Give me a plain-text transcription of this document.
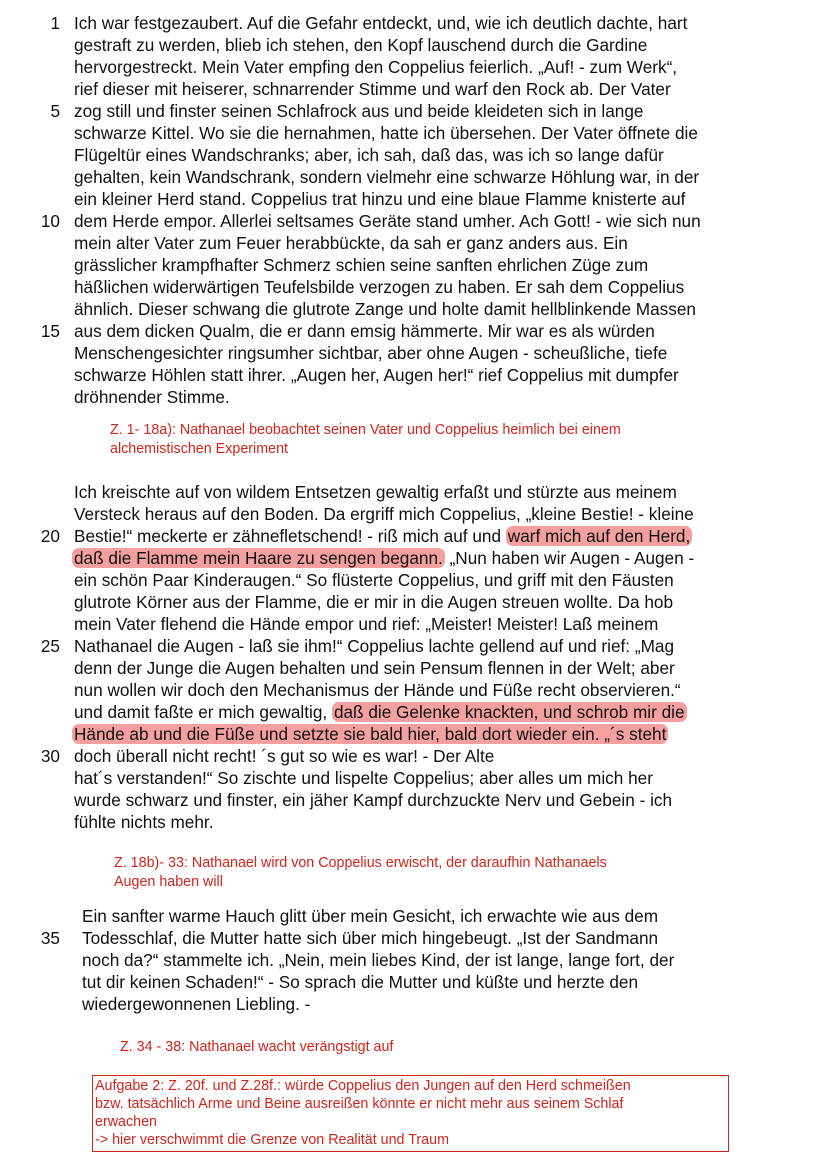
1
5
10
15
20
25
30
35
Ich war festgezaubert. Auf die Gefahr entdeckt, und, wie ich deutlich dachte, hart
gestraft zu werden, blieb ich stehen, den Kopf lauschend durch die Gardine
hervorgestreckt. Mein Vater empfing den Coppelius feierlich. „Auf! - zum Werk“,
rief dieser mit heiserer, schnarrender Stimme und warf den Rock ab. Der Vater
zog still und finster seinen Schlafrock aus und beide kleideten sich in lange
schwarze Kittel. Wo sie die hernahmen, hatte ich übersehen. Der Vater öffnete die
Flügeltür eines Wandschranks; aber, ich sah, daß das, was ich so lange dafür
gehalten, kein Wandschrank, sondern vielmehr eine schwarze Höhlung war, in der
ein kleiner Herd stand. Coppelius trat hinzu und eine blaue Flamme knisterte auf
dem Herde empor. Allerlei seltsames Geräte stand umher. Ach Gott! - wie sich nun
mein alter Vater zum Feuer herabbückte, da sah er ganz anders aus. Ein
grässlicher krampfhafter Schmerz schien seine sanften ehrlichen Züge zum
häßlichen widerwärtigen Teufelsbilde verzogen zu haben. Er sah dem Coppelius
ähnlich. Dieser schwang die glutrote Zange und holte damit hellblinkende Massen
aus dem dicken Qualm, die er dann emsig hämmerte. Mir war es als würden
Menschengesichter ringsumher sichtbar, aber ohne Augen - scheußliche, tiefe
schwarze Höhlen statt ihrer. „Augen her, Augen her!“ rief Coppelius mit dumpfer
dröhnender Stimme.
Z. 1- 18a): Nathanael beobachtet seinen Vater und Coppelius heimlich bei einem
alchemistischen Experiment
Ich kreischte auf von wildem Entsetzen gewaltig erfaßt und stürzte aus meinem
Versteck heraus auf den Boden. Da ergriff mich Coppelius, „kleine Bestie! - kleine
Bestie!“ meckerte er zähnefletschend! - riß mich auf und warf mich auf den Herd,
daß die Flamme mein Haare zu sengen begann. „Nun haben wir Augen - Augen -
ein schön Paar Kinderaugen.“ So flüsterte Coppelius, und griff mit den Fäusten
glutrote Körner aus der Flamme, die er mir in die Augen streuen wollte. Da hob
mein Vater flehend die Hände empor und rief: „Meister! Meister! Laß meinem
Nathanael die Augen - laß sie ihm!“ Coppelius lachte gellend auf und rief: „Mag
denn der Junge die Augen behalten und sein Pensum flennen in der Welt; aber
nun wollen wir doch den Mechanismus der Hände und Füße recht observieren.“
und damit faßte er mich gewaltig, daß die Gelenke knackten, und schrob mir die
Hände ab und die Füße und setzte sie bald hier, bald dort wieder ein. „´s steht
doch überall nicht recht! ´s gut so wie es war! - Der Alte
hat´s verstanden!“ So zischte und lispelte Coppelius; aber alles um mich her
wurde schwarz und finster, ein jäher Kampf durchzuckte Nerv und Gebein - ich
fühlte nichts mehr.
Z. 18b)- 33: Nathanael wird von Coppelius erwischt, der daraufhin Nathanaels
Augen haben will
Ein sanfter warme Hauch glitt über mein Gesicht, ich erwachte wie aus dem
Todesschlaf, die Mutter hatte sich über mich hingebeugt. „Ist der Sandmann
noch da?“ stammelte ich. „Nein, mein liebes Kind, der ist lange, lange fort, der
tut dir keinen Schaden!“ - So sprach die Mutter und küßte und herzte den
wiedergewonnenen Liebling. -
Z. 34 - 38: Nathanael wacht verängstigt auf
Aufgabe 2: Z. 20f. und Z.28f.: würde Coppelius den Jungen auf den Herd schmeißen
bzw. tatsächlich Arme und Beine ausreißen könnte er nicht mehr aus seinem Schlaf
erwachen
-> hier verschwimmt die Grenze von Realität und Traum
